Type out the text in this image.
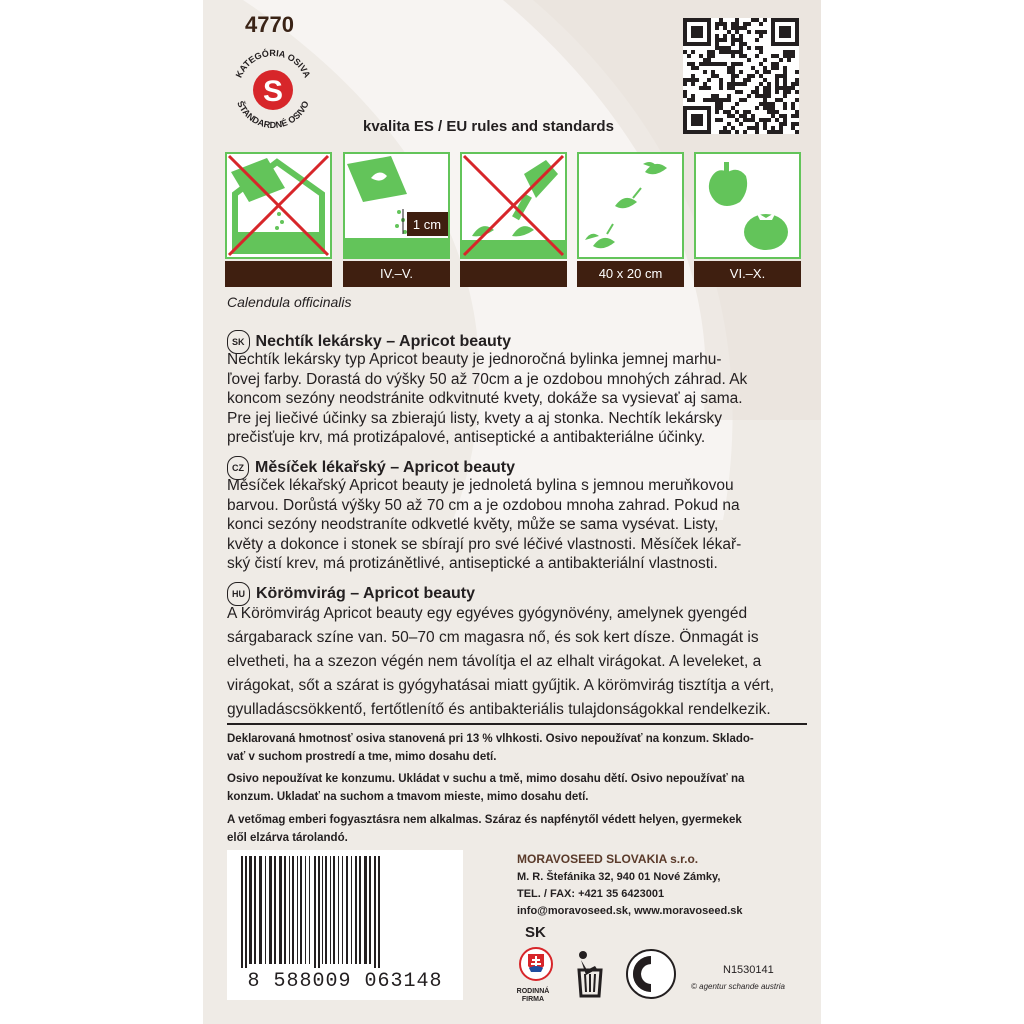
4770
KATEGÓRIA OSIVA
ŠTANDARDNÉ OSIVO
S
kvalita ES / EU rules and standards
1 cm
IV.–V.	40 x 20 cm	VI.–X.
Calendula officinalis
SK Nechtík lekársky – Apricot beauty
Nechtík lekársky typ Apricot beauty je jednoročná bylinka jemnej marhu-
ľovej farby. Dorastá do výšky 50 až 70cm a je ozdobou mnohých záhrad. Ak
koncom sezóny neodstránite odkvitnuté kvety, dokáže sa vysievať aj sama.
Pre jej liečivé účinky sa zbierajú listy, kvety a aj stonka. Nechtík lekársky
prečisťuje krv, má protizápalové, antiseptické a antibakteriálne účinky.
CZ Měsíček lékařský – Apricot beauty
Měsíček lékařský Apricot beauty je jednoletá bylina s jemnou meruňkovou
barvou. Dorůstá výšky 50 až 70 cm a je ozdobou mnoha zahrad. Pokud na
konci sezóny neodstraníte odkvetlé květy, může se sama vysévat. Listy,
květy a dokonce i stonek se sbírají pro své léčivé vlastnosti. Měsíček lékař-
ský čistí krev, má protizánětlivé, antiseptické a antibakteriální vlastnosti.
HU Körömvirág – Apricot beauty
A Körömvirág Apricot beauty egy egyéves gyógynövény, amelynek gyengéd
sárgabarack színe van. 50–70 cm magasra nő, és sok kert dísze. Önmagát is
elvetheti, ha a szezon végén nem távolítja el az elhalt virágokat. A leveleket, a
virágokat, sőt a szárat is gyógyhatásai miatt gyűjtik. A körömvirág tisztítja a vért,
gyulladáscsökkentő, fertőtlenítő és antibakteriális tulajdonságokkal rendelkezik.
Deklarovaná hmotnosť osiva stanovená pri 13 % vlhkosti. Osivo nepoužívať na konzum. Sklado-
vať v suchom prostredí a tme, mimo dosahu detí.
Osivo nepoužívat ke konzumu. Ukládat v suchu a tmě, mimo dosahu dětí. Osivo nepoužívať na
konzum. Ukladať na suchom a tmavom mieste, mimo dosahu detí.
A vetőmag emberi fogyasztásra nem alkalmas. Száraz és napfénytől védett helyen, gyermekek
elől elzárva tárolandó.
8 588009 063148
MORAVOSEED SLOVAKIA s.r.o.
M. R. Štefánika 32, 940 01 Nové Zámky,
TEL. / FAX: +421 35 6423001
info@moravoseed.sk, www.moravoseed.sk
SK
RODINNÁ FIRMA
N1530141
© agentur schande austria
